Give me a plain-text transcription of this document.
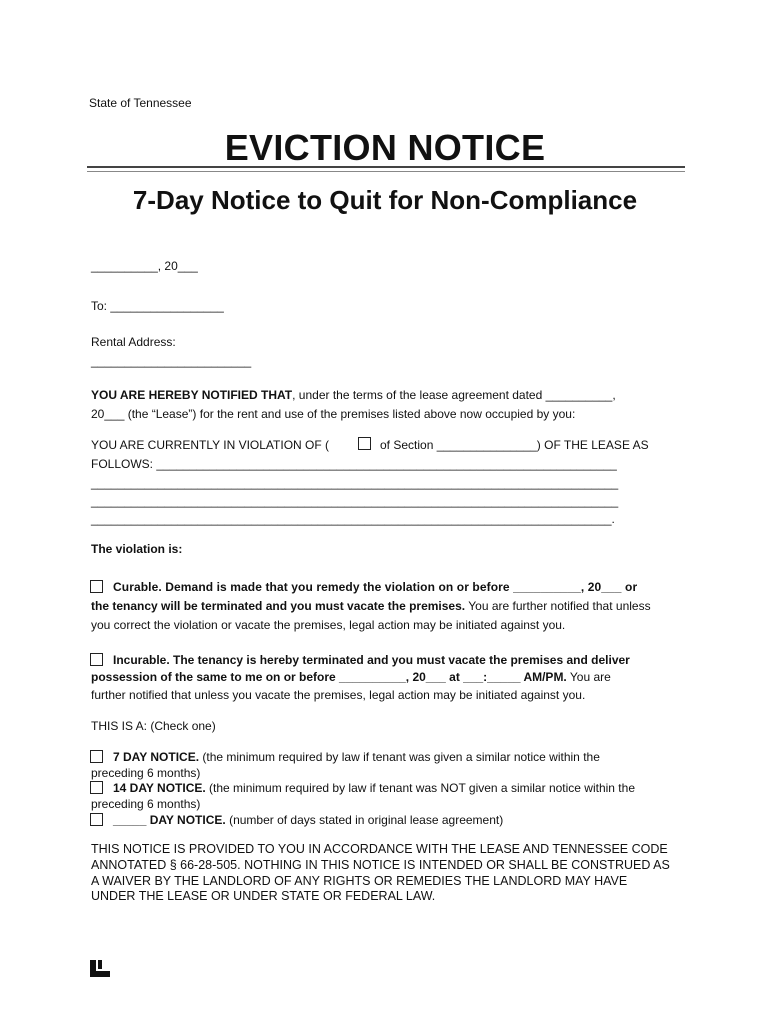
State of Tennessee
EVICTION NOTICE
7-Day Notice to Quit for Non-Compliance
__________, 20___
To: _________________
Rental Address:
________________________
YOU ARE HEREBY NOTIFIED THAT, under the terms of the lease agreement dated __________,
20___ (the “Lease”) for the rent and use of the premises listed above now occupied by you:
YOU ARE CURRENTLY IN VIOLATION OF (	of Section _______________) OF THE LEASE AS
FOLLOWS: _____________________________________________________________________
_______________________________________________________________________________
_______________________________________________________________________________
______________________________________________________________________________.
The violation is:
Curable. Demand is made that you remedy the violation on or before __________, 20___ or
the tenancy will be terminated and you must vacate the premises. You are further notified that unless
you correct the violation or vacate the premises, legal action may be initiated against you.
Incurable. The tenancy is hereby terminated and you must vacate the premises and deliver
possession of the same to me on or before __________, 20___ at ___:_____ AM/PM. You are
further notified that unless you vacate the premises, legal action may be initiated against you.
THIS IS A: (Check one)
7 DAY NOTICE. (the minimum required by law if tenant was given a similar notice within the
preceding 6 months)
14 DAY NOTICE. (the minimum required by law if tenant was NOT given a similar notice within the
preceding 6 months)
_____ DAY NOTICE. (number of days stated in original lease agreement)
THIS NOTICE IS PROVIDED TO YOU IN ACCORDANCE WITH THE LEASE AND TENNESSEE CODE
ANNOTATED § 66-28-505. NOTHING IN THIS NOTICE IS INTENDED OR SHALL BE CONSTRUED AS
A WAIVER BY THE LANDLORD OF ANY RIGHTS OR REMEDIES THE LANDLORD MAY HAVE
UNDER THE LEASE OR UNDER STATE OR FEDERAL LAW.
